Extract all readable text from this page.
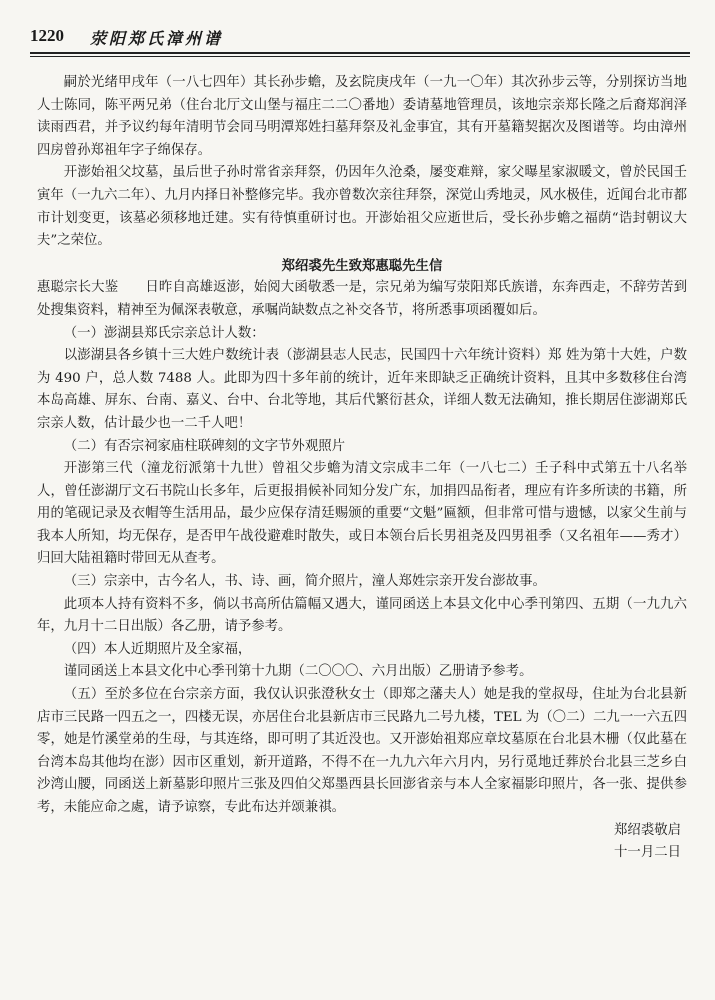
1220 荥阳郑氏漳州谱

嗣於光绪甲戌年（一八七四年）其长孙步蟾，及玄院庚戌年（一九一〇年）其次孙步云等，分别探访当地人士陈同，陈平两兄弟（住台北厅文山堡与福庄二二〇番地）委请墓地管理员，该地宗亲郑长隆之后裔郑润泽读雨西君，并予议约每年清明节会同马明潭郑姓扫墓拜祭及礼金事宜，其有开墓籍契据次及图谱等。均由漳州四房曾孙郑祖年字子绵保存。

开澎始祖父坟墓，虽后世子孙时常省亲拜祭，仍因年久沧桑，屡变难辩，家父曝星家淑暖文，曾於民国壬寅年（一九六二年）、九月内择日补整修完毕。我亦曾数次亲往拜祭，深觉山秀地灵，风水极佳，近闻台北市都市计划变更，该墓必须移地迁建。实有待慎重研讨也。开澎始祖父应逝世后，受长孙步蟾之福荫“诰封朝议大夫”之荣位。

郑绍裘先生致郑惠聪先生信

惠聪宗长大鉴　　日昨自高雄返澎，始阅大函敬悉一是，宗兄弟为编写荥阳郑氏族谱，东奔西走，不辞劳苦到处搜集资料，精神至为佩深表敬意，承嘱尚缺数点之补交各节，将所悉事项函覆如后。

（一）澎湖县郑氏宗亲总计人数：

以澎湖县各乡镇十三大姓户数统计表（澎湖县志人民志，民国四十六年统计资料）郑 姓为第十大姓，户数为 490 户，总人数 7488 人。此即为四十多年前的统计，近年来即缺乏正确统计资料，且其中多数移住台湾本岛高雄、屏东、台南、嘉义、台中、台北等地，其后代繁衍甚众，详细人数无法确知，推长期居住澎湖郑氏宗亲人数，估计最少也一二千人吧！

（二）有否宗祠家庙柱联碑刻的文字节外观照片

开澎第三代（潼龙衍派第十九世）曾祖父步蟾为清文宗成丰二年（一八七二）壬子科中式第五十八名举人，曾任澎湖厅文石书院山长多年，后更报捐候补同知分发广东，加捐四品衔者，理应有许多所读的书籍，所用的笔砚记录及衣帽等生活用品，最少应保存清廷赐颁的重要“文魁”匾额，但非常可惜与遗憾，以家父生前与我本人所知，均无保存，是否甲午战役避难时散失，或日本领台后长男祖尧及四男祖季（又名祖年——秀才）归回大陆祖籍时带回无从查考。

（三）宗亲中，古今名人，书、诗、画，简介照片，潼人郑姓宗亲开发台澎故事。

此项本人持有资料不多，倘以书高所估篇幅又遇大，谨同函送上本县文化中心季刊第四、五期（一九九六年，九月十二日出版）各乙册，请予参考。

（四）本人近期照片及全家福，

谨同函送上本县文化中心季刊第十九期（二〇〇〇、六月出版）乙册请予参考。

（五）至於多位在台宗亲方面，我仅认识张澄秋女士（即郑之藩夫人）她是我的堂叔母，住址为台北县新店市三民路一四五之一，四楼无误，亦居住台北县新店市三民路九二号九楼，TEL 为（〇二）二九一一六五四零，她是竹溪堂弟的生母，与其连络，即可明了其近没也。又开澎始祖郑应章坟墓原在台北县木栅（仅此墓在台湾本岛其他均在澎）因市区重划，新开道路，不得不在一九九六年六月内，另行觅地迁葬於台北县三芝乡白沙湾山腰，同函送上新墓影印照片三张及四伯父郑墨西县长回澎省亲与本人全家福影印照片，各一张、提供参考，未能应命之處，请予谅察，专此布达并颂兼祺。

郑绍裘敬启

十一月二日
